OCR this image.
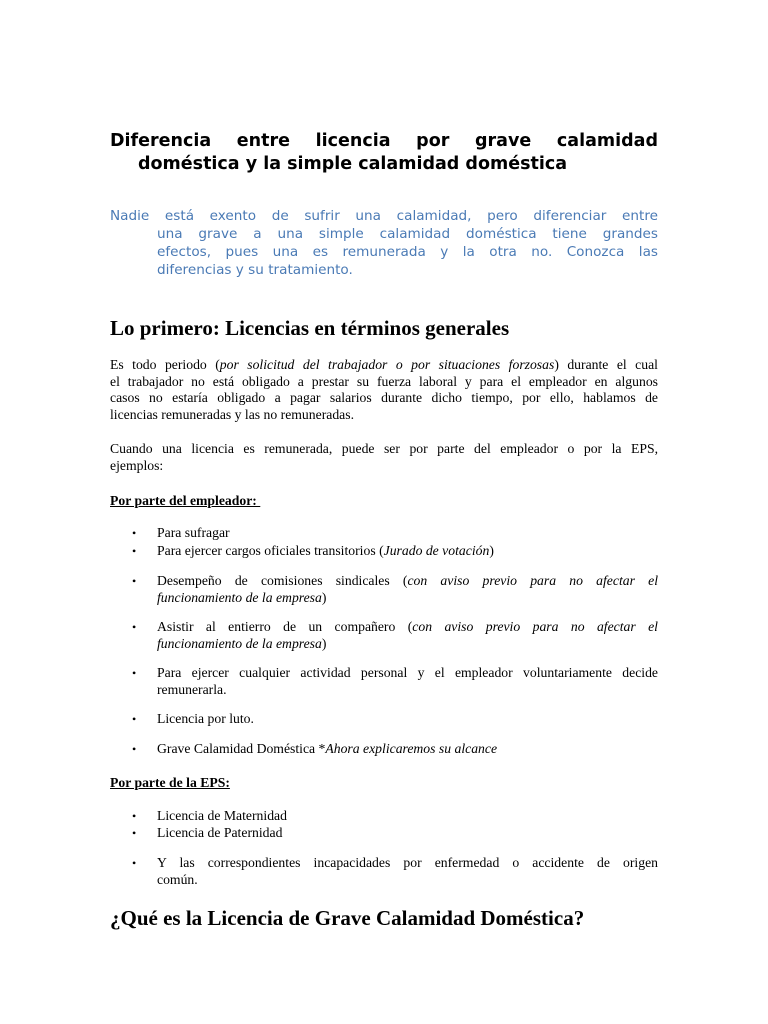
Diferencia entre licencia por grave calamidad
doméstica y la simple calamidad doméstica
Nadie está exento de sufrir una calamidad, pero diferenciar entre
una grave a una simple calamidad doméstica tiene grandes
efectos, pues una es remunerada y la otra no. Conozca las
diferencias y su tratamiento.
Lo primero: Licencias en términos generales
Es todo periodo (por solicitud del trabajador o por situaciones forzosas) durante el cual
el trabajador no está obligado a prestar su fuerza laboral y para el empleador en algunos
casos no estaría obligado a pagar salarios durante dicho tiempo, por ello, hablamos de
licencias remuneradas y las no remuneradas.
Cuando una licencia es remunerada, puede ser por parte del empleador o por la EPS,
ejemplos:
Por parte del empleador:
• Para sufragar
• Para ejercer cargos oficiales transitorios (Jurado de votación)
• Desempeño de comisiones sindicales (con aviso previo para no afectar el
funcionamiento de la empresa)
• Asistir al entierro de un compañero (con aviso previo para no afectar el
funcionamiento de la empresa)
• Para ejercer cualquier actividad personal y el empleador voluntariamente decide
remunerarla.
• Licencia por luto.
• Grave Calamidad Doméstica *Ahora explicaremos su alcance
Por parte de la EPS:
• Licencia de Maternidad
• Licencia de Paternidad
• Y las correspondientes incapacidades por enfermedad o accidente de origen
común.
¿Qué es la Licencia de Grave Calamidad Doméstica?
